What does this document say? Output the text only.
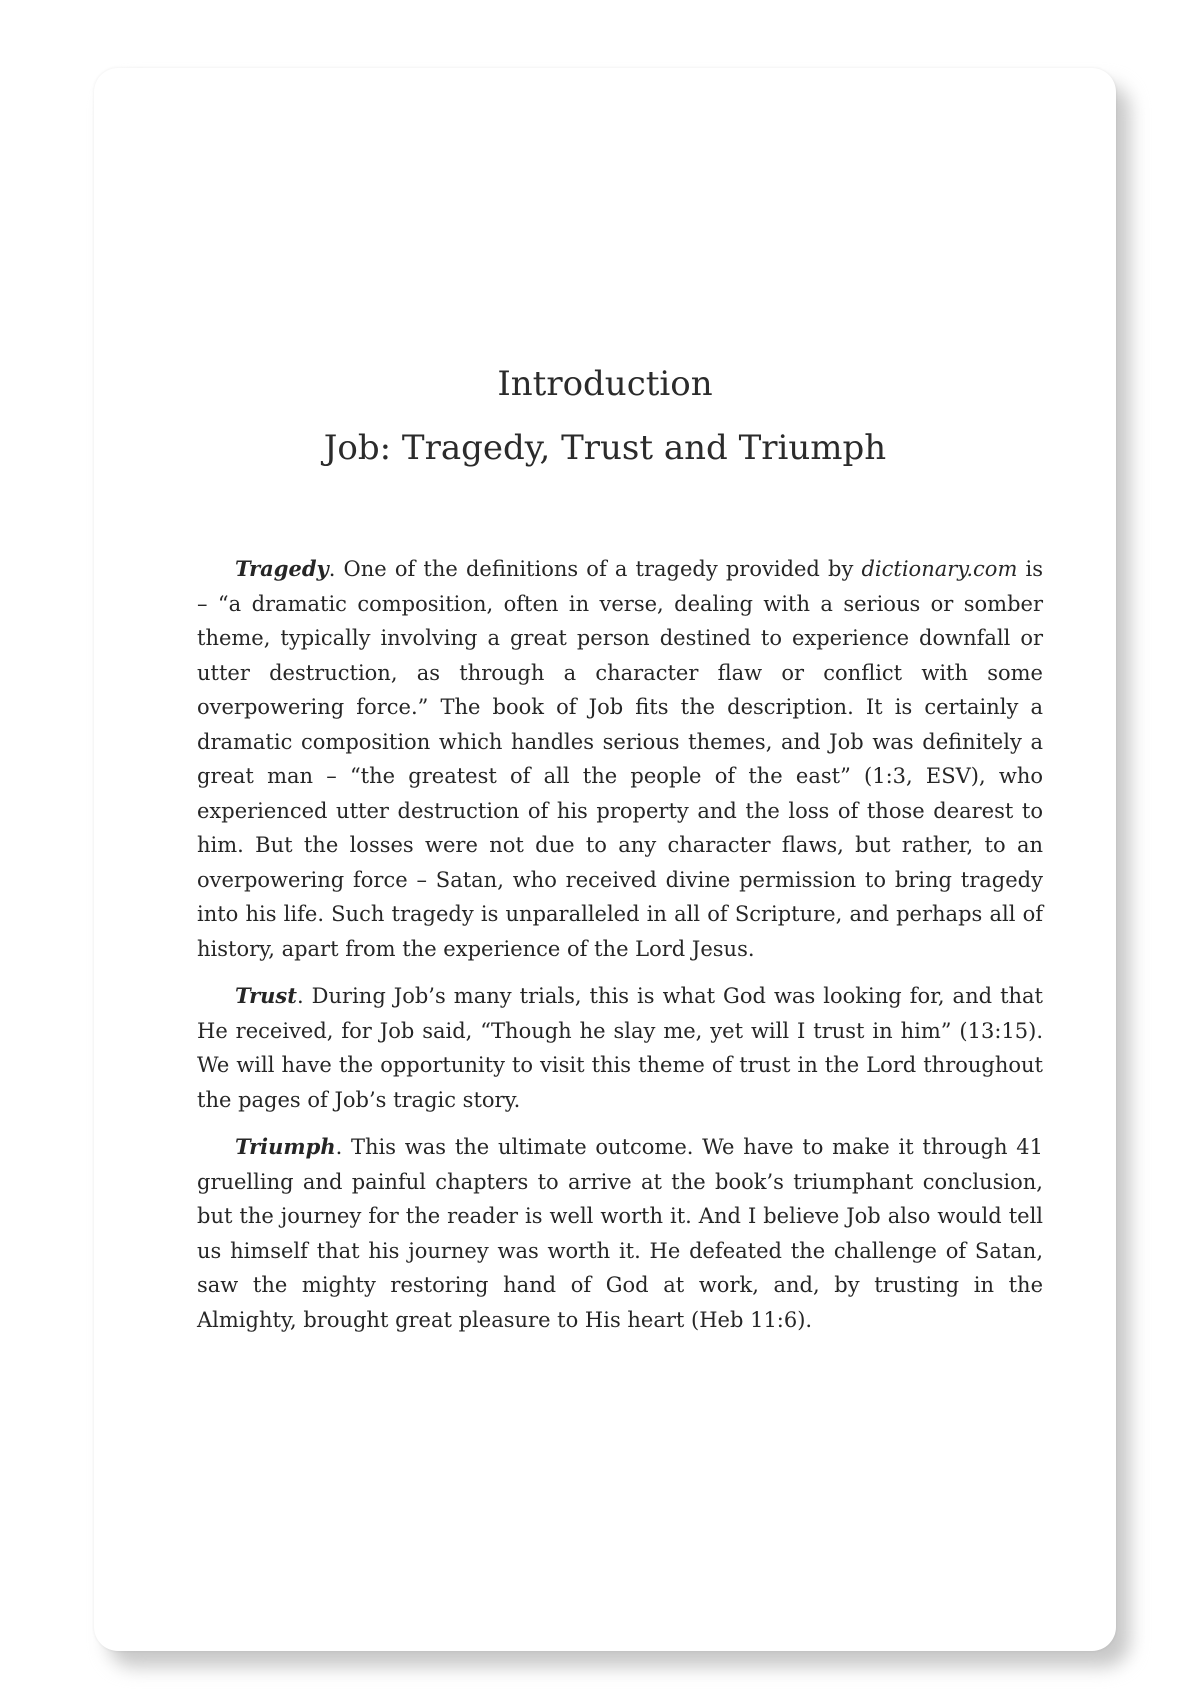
Introduction
Job: Tragedy, Trust and Triumph

Tragedy. One of the definitions of a tragedy provided by dictionary.com is – “a dramatic composition, often in verse, dealing with a serious or somber theme, typically involving a great person destined to experience downfall or utter destruction, as through a character flaw or conflict with some overpowering force.” The book of Job fits the description. It is certainly a dramatic composition which handles serious themes, and Job was definitely a great man – “the greatest of all the people of the east” (1:3, ESV), who experienced utter destruction of his property and the loss of those dearest to him. But the losses were not due to any character flaws, but rather, to an overpowering force – Satan, who received divine permission to bring tragedy into his life. Such tragedy is unparalleled in all of Scripture, and perhaps all of history, apart from the experience of the Lord Jesus.

Trust. During Job’s many trials, this is what God was looking for, and that He received, for Job said, “Though he slay me, yet will I trust in him” (13:15). We will have the opportunity to visit this theme of trust in the Lord throughout the pages of Job’s tragic story.

Triumph. This was the ultimate outcome. We have to make it through 41 gruelling and painful chapters to arrive at the book’s triumphant conclusion, but the journey for the reader is well worth it. And I believe Job also would tell us himself that his journey was worth it. He defeated the challenge of Satan, saw the mighty restoring hand of God at work, and, by trusting in the Almighty, brought great pleasure to His heart (Heb 11:6).
